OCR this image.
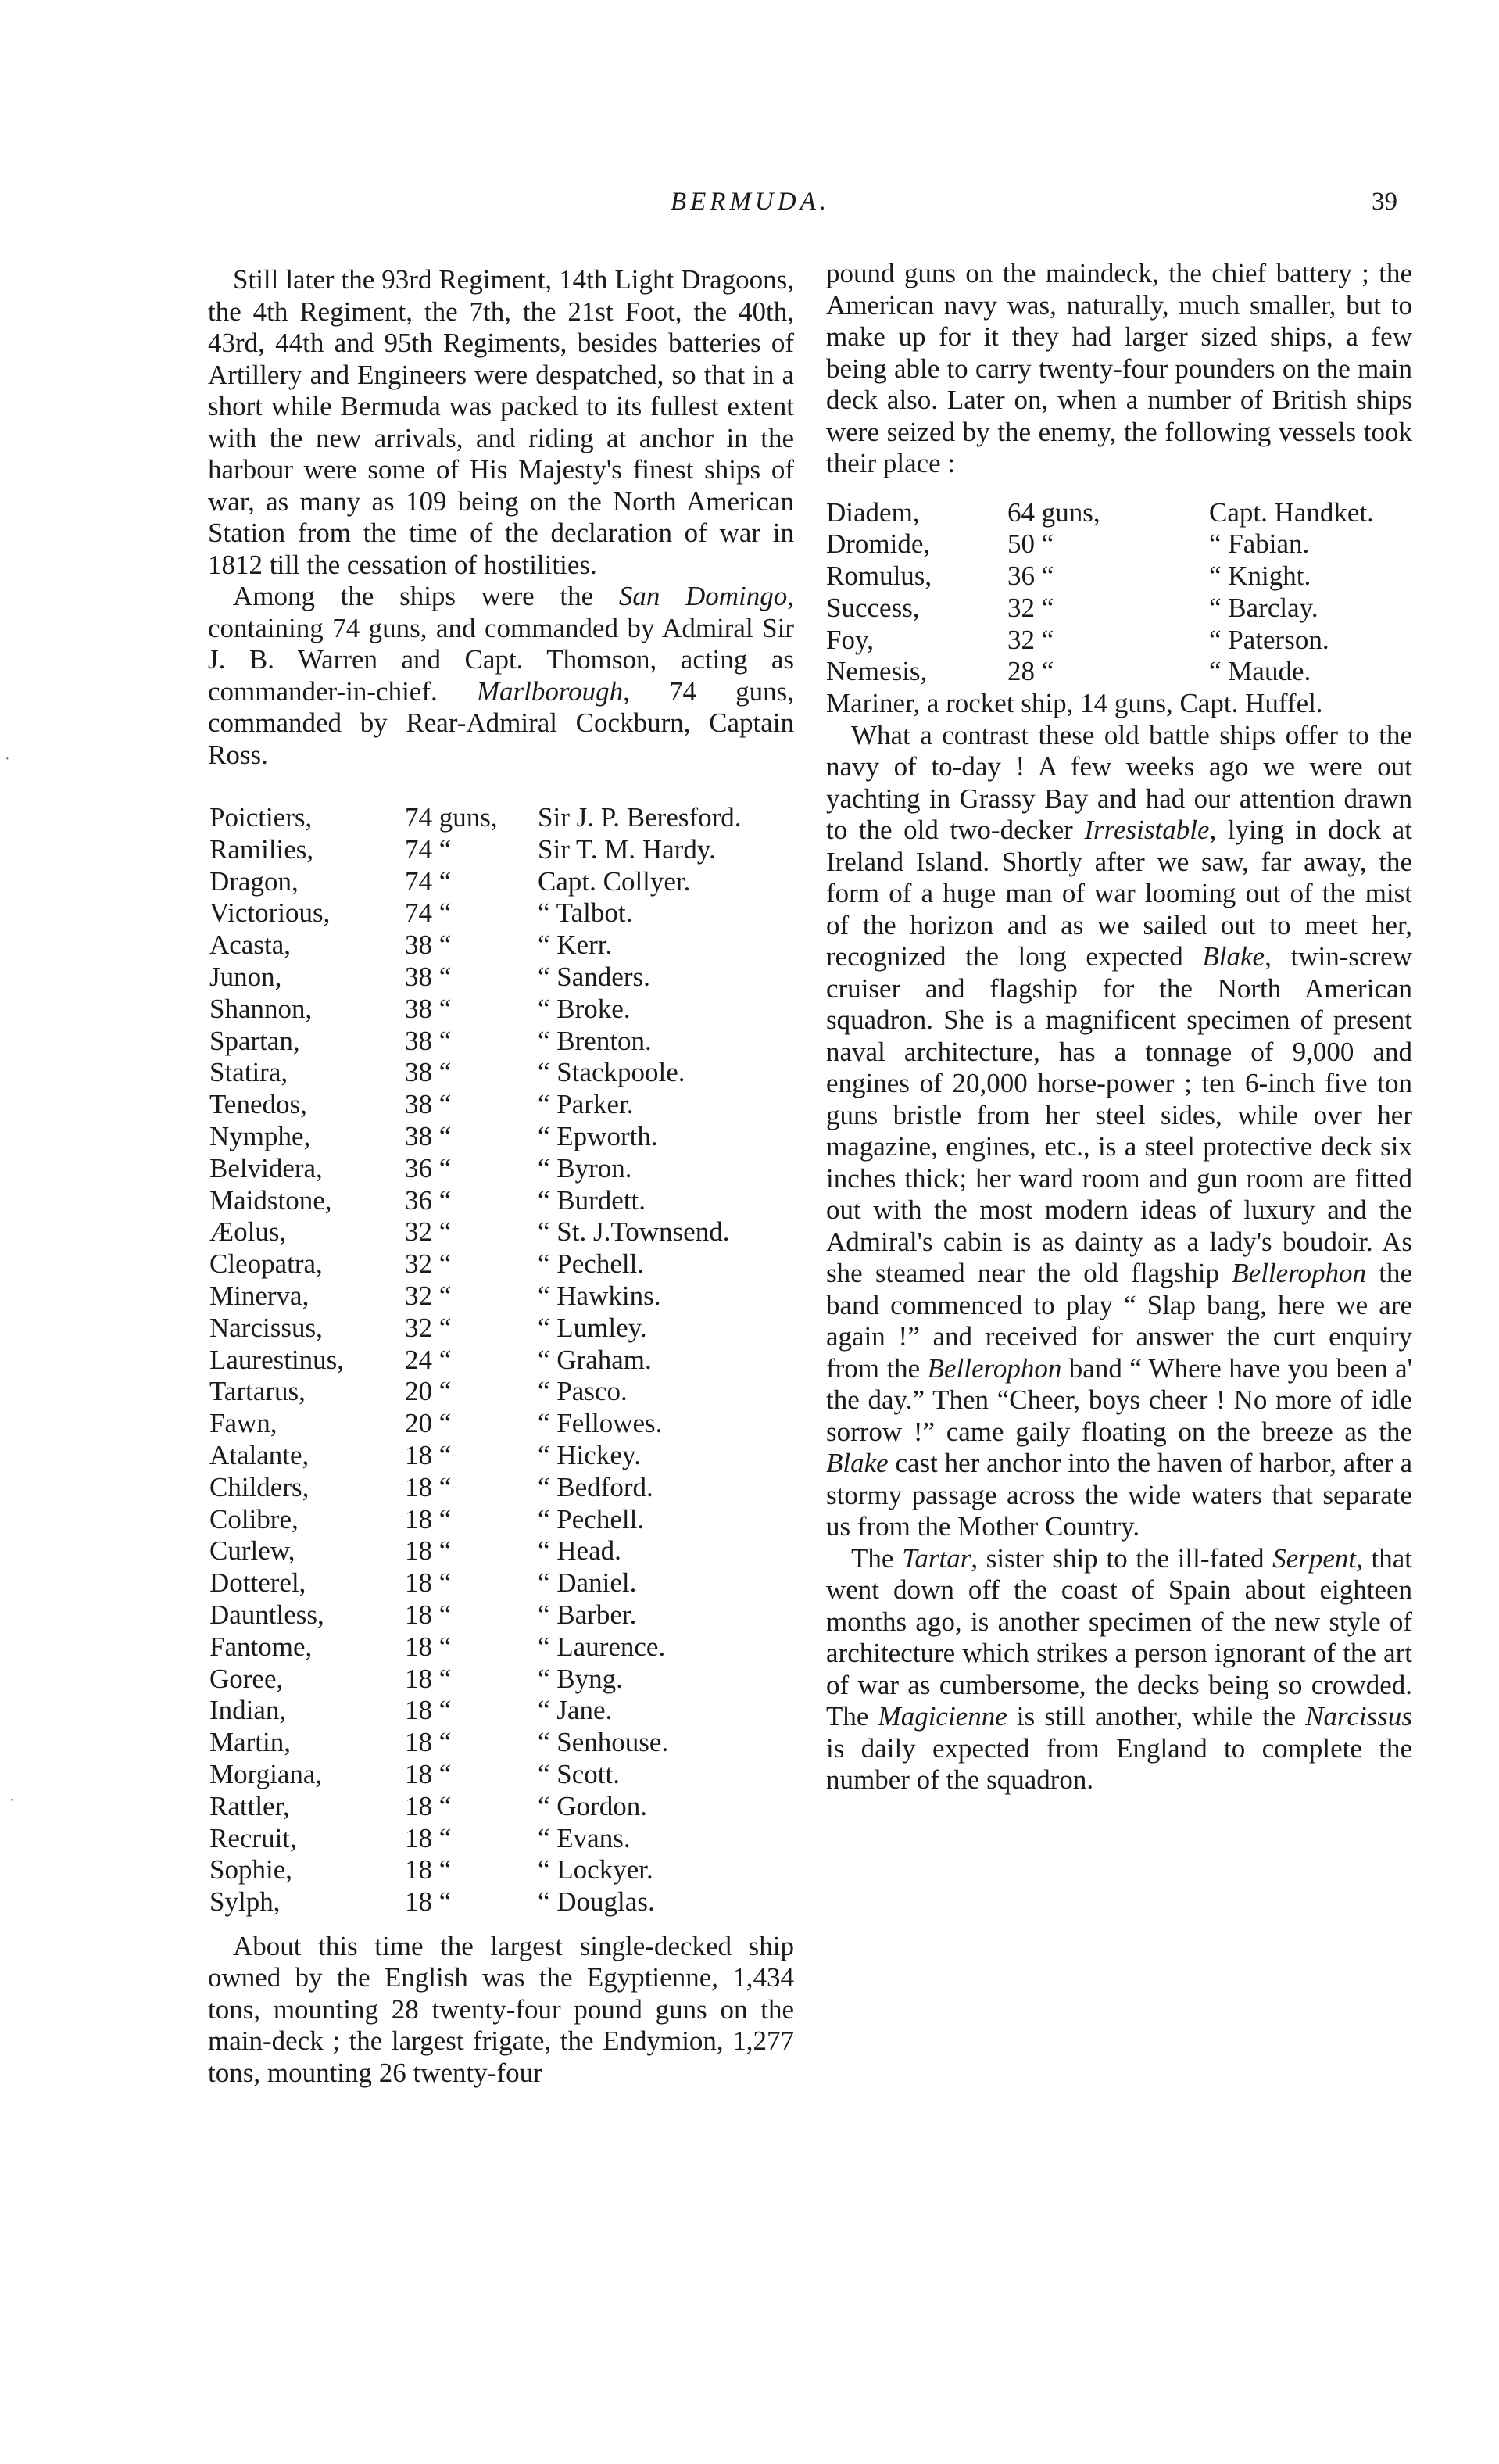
BERMUDA.	39
·
·

Still later the 93rd Regiment, 14th Light Dragoons, the 4th Regiment, the 7th, the 21st Foot, the 40th, 43rd, 44th and 95th Regiments, besides batteries of Artillery and Engineers were despatched, so that in a short while Bermuda was packed to its fullest extent with the new arrivals, and riding at anchor in the harbour were some of His Majesty's finest ships of war, as many as 109 being on the North American Station from the time of the declaration of war in 1812 till the cessation of hostilities.

Among the ships were the San Domingo, containing 74 guns, and commanded by Admiral Sir J. B. Warren and Capt. Thomson, acting as commander-in-chief. Marlborough, 74 guns, commanded by Rear-Admiral Cockburn, Captain Ross.

Poictiers,	74 guns,	Sir J. P. Beresford.
Ramilies,	74 “	Sir T. M. Hardy.
Dragon,	74 “	Capt. Collyer.
Victorious,	74 “	“ Talbot.
Acasta,	38 “	“ Kerr.
Junon,	38 “	“ Sanders.
Shannon,	38 “	“ Broke.
Spartan,	38 “	“ Brenton.
Statira,	38 “	“ Stackpoole.
Tenedos,	38 “	“ Parker.
Nymphe,	38 “	“ Epworth.
Belvidera,	36 “	“ Byron.
Maidstone,	36 “	“ Burdett.
Æolus,	32 “	“ St. J.Townsend.
Cleopatra,	32 “	“ Pechell.
Minerva,	32 “	“ Hawkins.
Narcissus,	32 “	“ Lumley.
Laurestinus,	24 “	“ Graham.
Tartarus,	20 “	“ Pasco.
Fawn,	20 “	“ Fellowes.
Atalante,	18 “	“ Hickey.
Childers,	18 “	“ Bedford.
Colibre,	18 “	“ Pechell.
Curlew,	18 “	“ Head.
Dotterel,	18 “	“ Daniel.
Dauntless,	18 “	“ Barber.
Fantome,	18 “	“ Laurence.
Goree,	18 “	“ Byng.
Indian,	18 “	“ Jane.
Martin,	18 “	“ Senhouse.
Morgiana,	18 “	“ Scott.
Rattler,	18 “	“ Gordon.
Recruit,	18 “	“ Evans.
Sophie,	18 “	“ Lockyer.
Sylph,	18 “	“ Douglas.

About this time the largest single-decked ship owned by the English was the Egyptienne, 1,434 tons, mounting 28 twenty-four pound guns on the main-deck ; the largest frigate, the Endymion, 1,277 tons, mounting 26 twenty-four

pound guns on the maindeck, the chief battery ; the American navy was, naturally, much smaller, but to make up for it they had larger sized ships, a few being able to carry twenty-four pounders on the main deck also. Later on, when a number of British ships were seized by the enemy, the following vessels took their place :

Diadem,	64 guns,	Capt. Handket.
Dromide,	50 “	“ Fabian.
Romulus,	36 “	“ Knight.
Success,	32 “	“ Barclay.
Foy,	32 “	“ Paterson.
Nemesis,	28 “	“ Maude.

Mariner, a rocket ship, 14 guns, Capt. Huffel.

What a contrast these old battle ships offer to the navy of to-day ! A few weeks ago we were out yachting in Grassy Bay and had our attention drawn to the old two-decker Irresistable, lying in dock at Ireland Island. Shortly after we saw, far away, the form of a huge man of war looming out of the mist of the horizon and as we sailed out to meet her, recognized the long expected Blake, twin-screw cruiser and flagship for the North American squadron. She is a magnificent specimen of present naval architecture, has a tonnage of 9,000 and engines of 20,000 horse-power ; ten 6-inch five ton guns bristle from her steel sides, while over her magazine, engines, etc., is a steel protective deck six inches thick; her ward room and gun room are fitted out with the most modern ideas of luxury and the Admiral's cabin is as dainty as a lady's boudoir. As she steamed near the old flagship Bellerophon the band commenced to play “ Slap bang, here we are again !” and received for answer the curt enquiry from the Bellerophon band “ Where have you been a' the day.” Then “Cheer, boys cheer ! No more of idle sorrow !” came gaily floating on the breeze as the Blake cast her anchor into the haven of harbor, after a stormy passage across the wide waters that separate us from the Mother Country.

The Tartar, sister ship to the ill-fated Serpent, that went down off the coast of Spain about eighteen months ago, is another specimen of the new style of architecture which strikes a person ignorant of the art of war as cumbersome, the decks being so crowded. The Magicienne is still another, while the Narcissus is daily expected from England to complete the number of the squadron.
